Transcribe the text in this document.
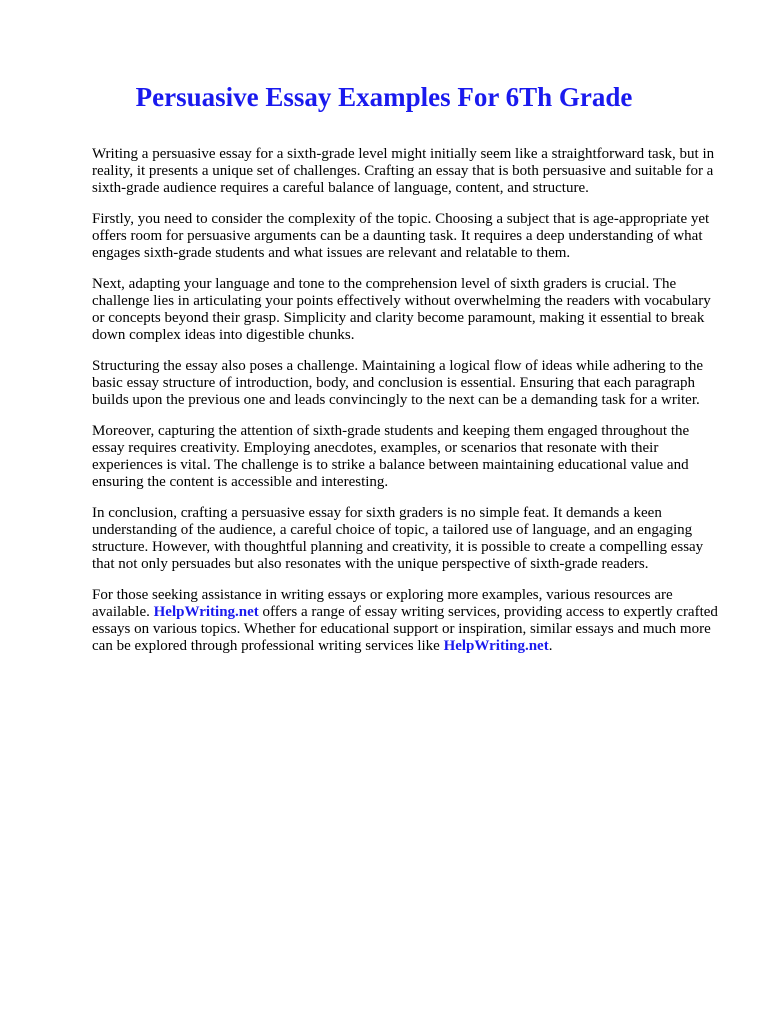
Persuasive Essay Examples For 6Th Grade

Writing a persuasive essay for a sixth-grade level might initially seem like a straightforward task, but in reality, it presents a unique set of challenges. Crafting an essay that is both persuasive and suitable for a sixth-grade audience requires a careful balance of language, content, and structure.

Firstly, you need to consider the complexity of the topic. Choosing a subject that is age-appropriate yet offers room for persuasive arguments can be a daunting task. It requires a deep understanding of what engages sixth-grade students and what issues are relevant and relatable to them.

Next, adapting your language and tone to the comprehension level of sixth graders is crucial. The challenge lies in articulating your points effectively without overwhelming the readers with vocabulary or concepts beyond their grasp. Simplicity and clarity become paramount, making it essential to break down complex ideas into digestible chunks.

Structuring the essay also poses a challenge. Maintaining a logical flow of ideas while adhering to the basic essay structure of introduction, body, and conclusion is essential. Ensuring that each paragraph builds upon the previous one and leads convincingly to the next can be a demanding task for a writer.

Moreover, capturing the attention of sixth-grade students and keeping them engaged throughout the essay requires creativity. Employing anecdotes, examples, or scenarios that resonate with their experiences is vital. The challenge is to strike a balance between maintaining educational value and ensuring the content is accessible and interesting.

In conclusion, crafting a persuasive essay for sixth graders is no simple feat. It demands a keen understanding of the audience, a careful choice of topic, a tailored use of language, and an engaging structure. However, with thoughtful planning and creativity, it is possible to create a compelling essay that not only persuades but also resonates with the unique perspective of sixth-grade readers.

For those seeking assistance in writing essays or exploring more examples, various resources are available. HelpWriting.net offers a range of essay writing services, providing access to expertly crafted essays on various topics. Whether for educational support or inspiration, similar essays and much more can be explored through professional writing services like HelpWriting.net.
